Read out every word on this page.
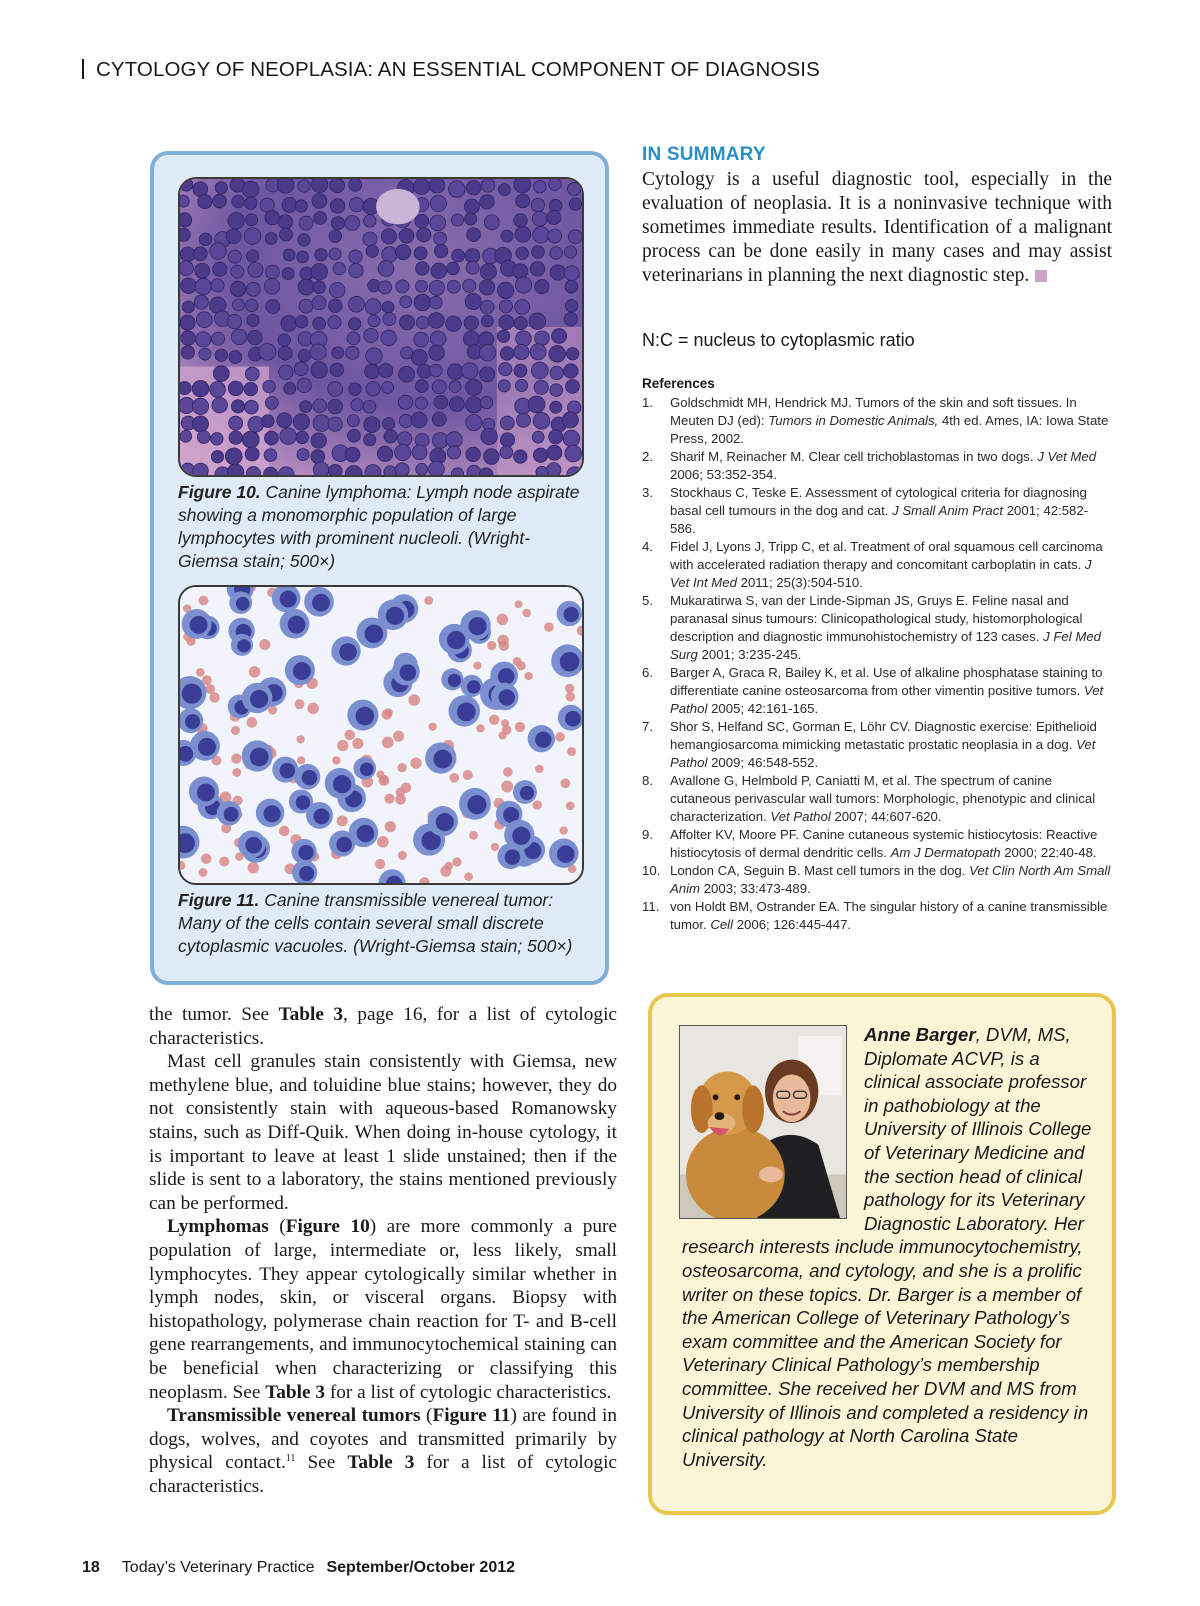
CYTOLOGY OF NEOPLASIA: AN ESSENTIAL COMPONENT OF DIAGNOSIS
Figure 10. Canine lymphoma: Lymph node aspirate showing a monomorphic population of large lymphocytes with prominent nucleoli. (Wright-Giemsa stain; 500×)
Figure 11. Canine transmissible venereal tumor: Many of the cells contain several small discrete cytoplasmic vacuoles. (Wright-Giemsa stain; 500×)
IN SUMMARY
Cytology is a useful diagnostic tool, especially in the evaluation of neoplasia. It is a noninvasive technique with sometimes immediate results. Identification of a malignant process can be done easily in many cases and may assist veterinarians in planning the next diagnostic step.
N:C = nucleus to cytoplasmic ratio
References
1. Goldschmidt MH, Hendrick MJ. Tumors of the skin and soft tissues. In Meuten DJ (ed): Tumors in Domestic Animals, 4th ed. Ames, IA: Iowa State Press, 2002.
2. Sharif M, Reinacher M. Clear cell trichoblastomas in two dogs. J Vet Med 2006; 53:352-354.
3. Stockhaus C, Teske E. Assessment of cytological criteria for diagnosing basal cell tumours in the dog and cat. J Small Anim Pract 2001; 42:582-586.
4. Fidel J, Lyons J, Tripp C, et al. Treatment of oral squamous cell carcinoma with accelerated radiation therapy and concomitant carboplatin in cats. J Vet Int Med 2011; 25(3):504-510.
5. Mukaratirwa S, van der Linde-Sipman JS, Gruys E. Feline nasal and paranasal sinus tumours: Clinicopathological study, histomorphological description and diagnostic immunohistochemistry of 123 cases. J Fel Med Surg 2001; 3:235-245.
6. Barger A, Graca R, Bailey K, et al. Use of alkaline phosphatase staining to differentiate canine osteosarcoma from other vimentin positive tumors. Vet Pathol 2005; 42:161-165.
7. Shor S, Helfand SC, Gorman E, Löhr CV. Diagnostic exercise: Epithelioid hemangiosarcoma mimicking metastatic prostatic neoplasia in a dog. Vet Pathol 2009; 46:548-552.
8. Avallone G, Helmbold P, Caniatti M, et al. The spectrum of canine cutaneous perivascular wall tumors: Morphologic, phenotypic and clinical characterization. Vet Pathol 2007; 44:607-620.
9. Affolter KV, Moore PF. Canine cutaneous systemic histiocytosis: Reactive histiocytosis of dermal dendritic cells. Am J Dermatopath 2000; 22:40-48.
10. London CA, Seguin B. Mast cell tumors in the dog. Vet Clin North Am Small Anim 2003; 33:473-489.
11. von Holdt BM, Ostrander EA. The singular history of a canine transmissible tumor. Cell 2006; 126:445-447.

the tumor. See Table 3, page 16, for a list of cytologic characteristics.

Mast cell granules stain consistently with Giemsa, new methylene blue, and toluidine blue stains; however, they do not consistently stain with aqueous-based Romanowsky stains, such as Diff-Quik. When doing in-house cytology, it is important to leave at least 1 slide unstained; then if the slide is sent to a laboratory, the stains mentioned previously can be performed.

Lymphomas (Figure 10) are more commonly a pure population of large, intermediate or, less likely, small lymphocytes. They appear cytologically similar whether in lymph nodes, skin, or visceral organs. Biopsy with histopathology, polymerase chain reaction for T- and B-cell gene rearrangements, and immunocytochemical staining can be beneficial when characterizing or classifying this neoplasm. See Table 3 for a list of cytologic characteristics.

Transmissible venereal tumors (Figure 11) are found in dogs, wolves, and coyotes and transmitted primarily by physical contact.$^{11}$ See Table 3 for a list of cytologic characteristics.

Anne Barger, DVM, MS, Diplomate ACVP, is a clinical associate professor in pathobiology at the University of Illinois College of Veterinary Medicine and the section head of clinical pathology for its Veterinary Diagnostic Laboratory. Her research interests include immunocytochemistry, osteosarcoma, and cytology, and she is a prolific writer on these topics. Dr. Barger is a member of the American College of Veterinary Pathology’s exam committee and the American Society for Veterinary Clinical Pathology’s membership committee. She received her DVM and MS from University of Illinois and completed a residency in clinical pathology at North Carolina State University.
18 Today’s Veterinary Practice September/October 2012
